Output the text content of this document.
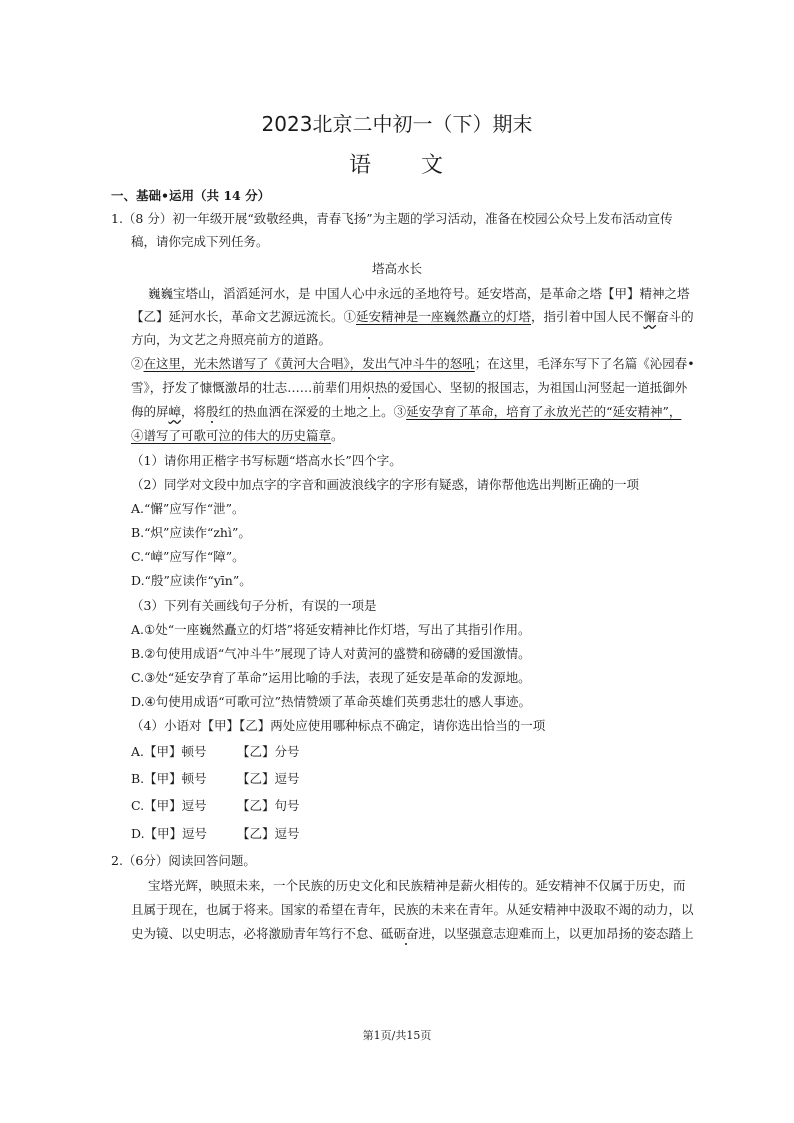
2023北京二中初一（下）期末
语　　文
一、基础•运用（共 14 分）
1.（8 分）初一年级开展“致敬经典，青春飞扬”为主题的学习活动，准备在校园公众号上发布活动宣传
稿，请你完成下列任务。
塔高水长
巍巍宝塔山，滔滔延河水，是 中国人心中永远的圣地符号。延安塔高，是革命之塔【甲】精神之塔
【乙】延河水长，革命文艺源远流长。①延安精神是一座巍然矗立的灯塔，指引着中国人民不懈奋斗的
方向，为文艺之舟照亮前方的道路。
②在这里，光未然谱写了《黄河大合唱》，发出气冲斗牛的怒吼；在这里，毛泽东写下了名篇《沁园春•
雪》，抒发了慷慨激昂的壮志……前辈们用炽热的爱国心、坚韧的报国志，为祖国山河竖起一道抵御外
侮的屏嶂，将殷红的热血洒在深爱的土地之上。③延安孕育了革命，培育了永放光芒的“延安精神”，
④谱写了可歌可泣的伟大的历史篇章。
（1）请你用正楷字书写标题“塔高水长”四个字。
（2）同学对文段中加点字的字音和画波浪线字的字形有疑惑，请你帮他选出判断正确的一项
A.“懈”应写作“泄”。
B.“炽”应读作“zhì”。
C.“嶂”应写作“障”。
D.“殷”应读作“yīn”。
（3）下列有关画线句子分析，有误的一项是
A.①处“一座巍然矗立的灯塔”将延安精神比作灯塔，写出了其指引作用。
B.②句使用成语“气冲斗牛”展现了诗人对黄河的盛赞和磅礴的爱国激情。
C.③处“延安孕育了革命”运用比喻的手法，表现了延安是革命的发源地。
D.④句使用成语“可歌可泣”热情赞颂了革命英雄们英勇悲壮的感人事迹。
（4）小语对【甲】【乙】两处应使用哪种标点不确定，请你选出恰当的一项
A.【甲】顿号 【乙】分号
B.【甲】顿号 【乙】逗号
C.【甲】逗号 【乙】句号
D.【甲】逗号 【乙】逗号
2.（6分）阅读回答问题。
宝塔光辉，映照未来，一个民族的历史文化和民族精神是薪火相传的。延安精神不仅属于历史，而
且属于现在，也属于将来。国家的希望在青年，民族的未来在青年。从延安精神中汲取不竭的动力，以
史为镜、以史明志，必将激励青年笃行不怠、砥砺奋进，以坚强意志迎难而上，以更加昂扬的姿态踏上
第1页/共15页
